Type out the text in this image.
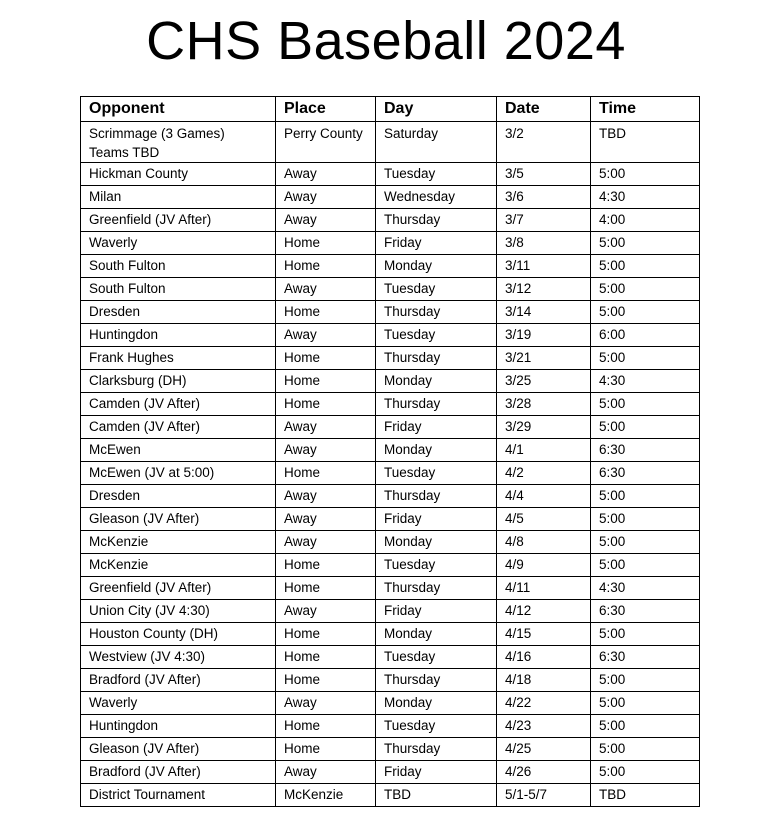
CHS Baseball 2024
Opponent	Place	Day	Date	Time

Scrimmage (3 Games)
Teams TBD	Perry County	Saturday	3/2	TBD
Hickman County	Away	Tuesday	3/5	5:00
Milan	Away	Wednesday	3/6	4:30
Greenfield (JV After)	Away	Thursday	3/7	4:00
Waverly	Home	Friday	3/8	5:00
South Fulton	Home	Monday	3/11	5:00
South Fulton	Away	Tuesday	3/12	5:00
Dresden	Home	Thursday	3/14	5:00
Huntingdon	Away	Tuesday	3/19	6:00
Frank Hughes	Home	Thursday	3/21	5:00
Clarksburg (DH)	Home	Monday	3/25	4:30
Camden (JV After)	Home	Thursday	3/28	5:00
Camden (JV After)	Away	Friday	3/29	5:00
McEwen	Away	Monday	4/1	6:30
McEwen (JV at 5:00)	Home	Tuesday	4/2	6:30
Dresden	Away	Thursday	4/4	5:00
Gleason (JV After)	Away	Friday	4/5	5:00
McKenzie	Away	Monday	4/8	5:00
McKenzie	Home	Tuesday	4/9	5:00
Greenfield (JV After)	Home	Thursday	4/11	4:30
Union City (JV 4:30)	Away	Friday	4/12	6:30
Houston County (DH)	Home	Monday	4/15	5:00
Westview (JV 4:30)	Home	Tuesday	4/16	6:30
Bradford (JV After)	Home	Thursday	4/18	5:00
Waverly	Away	Monday	4/22	5:00
Huntingdon	Home	Tuesday	4/23	5:00
Gleason (JV After)	Home	Thursday	4/25	5:00
Bradford (JV After)	Away	Friday	4/26	5:00
District Tournament	McKenzie	TBD	5/1-5/7	TBD
